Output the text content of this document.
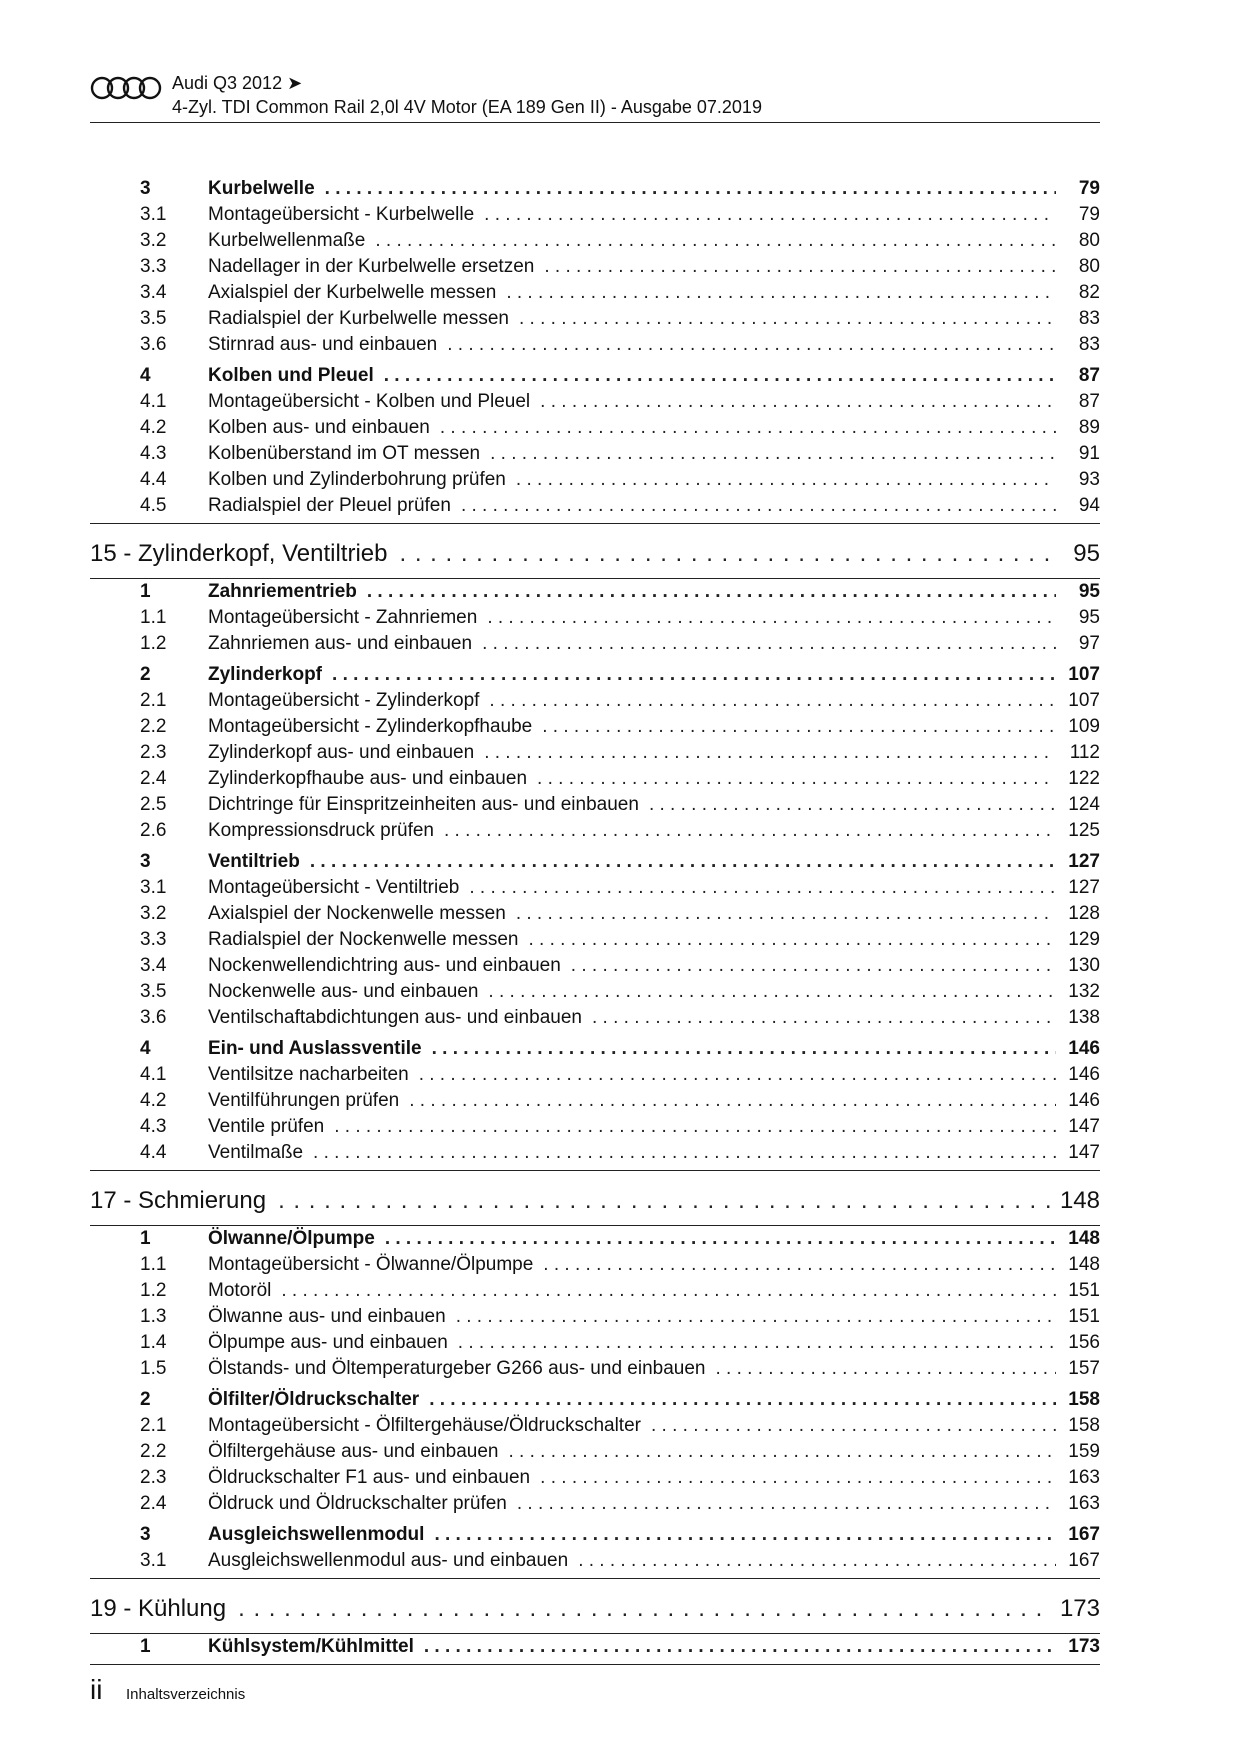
Audi Q3 2012 ➤
4-Zyl. TDI Common Rail 2,0l 4V Motor (EA 189 Gen II) - Ausgabe 07.2019
3	Kurbelwelle . . .	79
3.1	Montageübersicht - Kurbelwelle . . .	79
3.2	Kurbelwellenmaße . . .	80
3.3	Nadellager in der Kurbelwelle ersetzen . . .	80
3.4	Axialspiel der Kurbelwelle messen . . .	82
3.5	Radialspiel der Kurbelwelle messen . . .	83
3.6	Stirnrad aus- und einbauen . . .	83
4	Kolben und Pleuel . . .	87
4.1	Montageübersicht - Kolben und Pleuel . . .	87
4.2	Kolben aus- und einbauen . . .	89
4.3	Kolbenüberstand im OT messen . . .	91
4.4	Kolben und Zylinderbohrung prüfen . . .	93
4.5	Radialspiel der Pleuel prüfen . . .	94
15 - Zylinderkopf, Ventiltrieb . . .	95
1	Zahnriementrieb . . .	95
1.1	Montageübersicht - Zahnriemen . . .	95
1.2	Zahnriemen aus- und einbauen . . .	97
2	Zylinderkopf . . .	107
2.1	Montageübersicht - Zylinderkopf . . .	107
2.2	Montageübersicht - Zylinderkopfhaube . . .	109
2.3	Zylinderkopf aus- und einbauen . . .	112
2.4	Zylinderkopfhaube aus- und einbauen . . .	122
2.5	Dichtringe für Einspritzeinheiten aus- und einbauen . . .	124
2.6	Kompressionsdruck prüfen . . .	125
3	Ventiltrieb . . .	127
3.1	Montageübersicht - Ventiltrieb . . .	127
3.2	Axialspiel der Nockenwelle messen . . .	128
3.3	Radialspiel der Nockenwelle messen . . .	129
3.4	Nockenwellendichtring aus- und einbauen . . .	130
3.5	Nockenwelle aus- und einbauen . . .	132
3.6	Ventilschaftabdichtungen aus- und einbauen . . .	138
4	Ein- und Auslassventile . . .	146
4.1	Ventilsitze nacharbeiten . . .	146
4.2	Ventilführungen prüfen . . .	146
4.3	Ventile prüfen . . .	147
4.4	Ventilmaße . . .	147
17 - Schmierung . . .	148
1	Ölwanne/Ölpumpe . . .	148
1.1	Montageübersicht - Ölwanne/Ölpumpe . . .	148
1.2	Motoröl . . .	151
1.3	Ölwanne aus- und einbauen . . .	151
1.4	Ölpumpe aus- und einbauen . . .	156
1.5	Ölstands- und Öltemperaturgeber G266 aus- und einbauen . . .	157
2	Ölfilter/Öldruckschalter . . .	158
2.1	Montageübersicht - Ölfiltergehäuse/Öldruckschalter . . .	158
2.2	Ölfiltergehäuse aus- und einbauen . . .	159
2.3	Öldruckschalter F1 aus- und einbauen . . .	163
2.4	Öldruck und Öldruckschalter prüfen . . .	163
3	Ausgleichswellenmodul . . .	167
3.1	Ausgleichswellenmodul aus- und einbauen . . .	167
19 - Kühlung . . .	173
1	Kühlsystem/Kühlmittel . . .	173
ii Inhaltsverzeichnis
